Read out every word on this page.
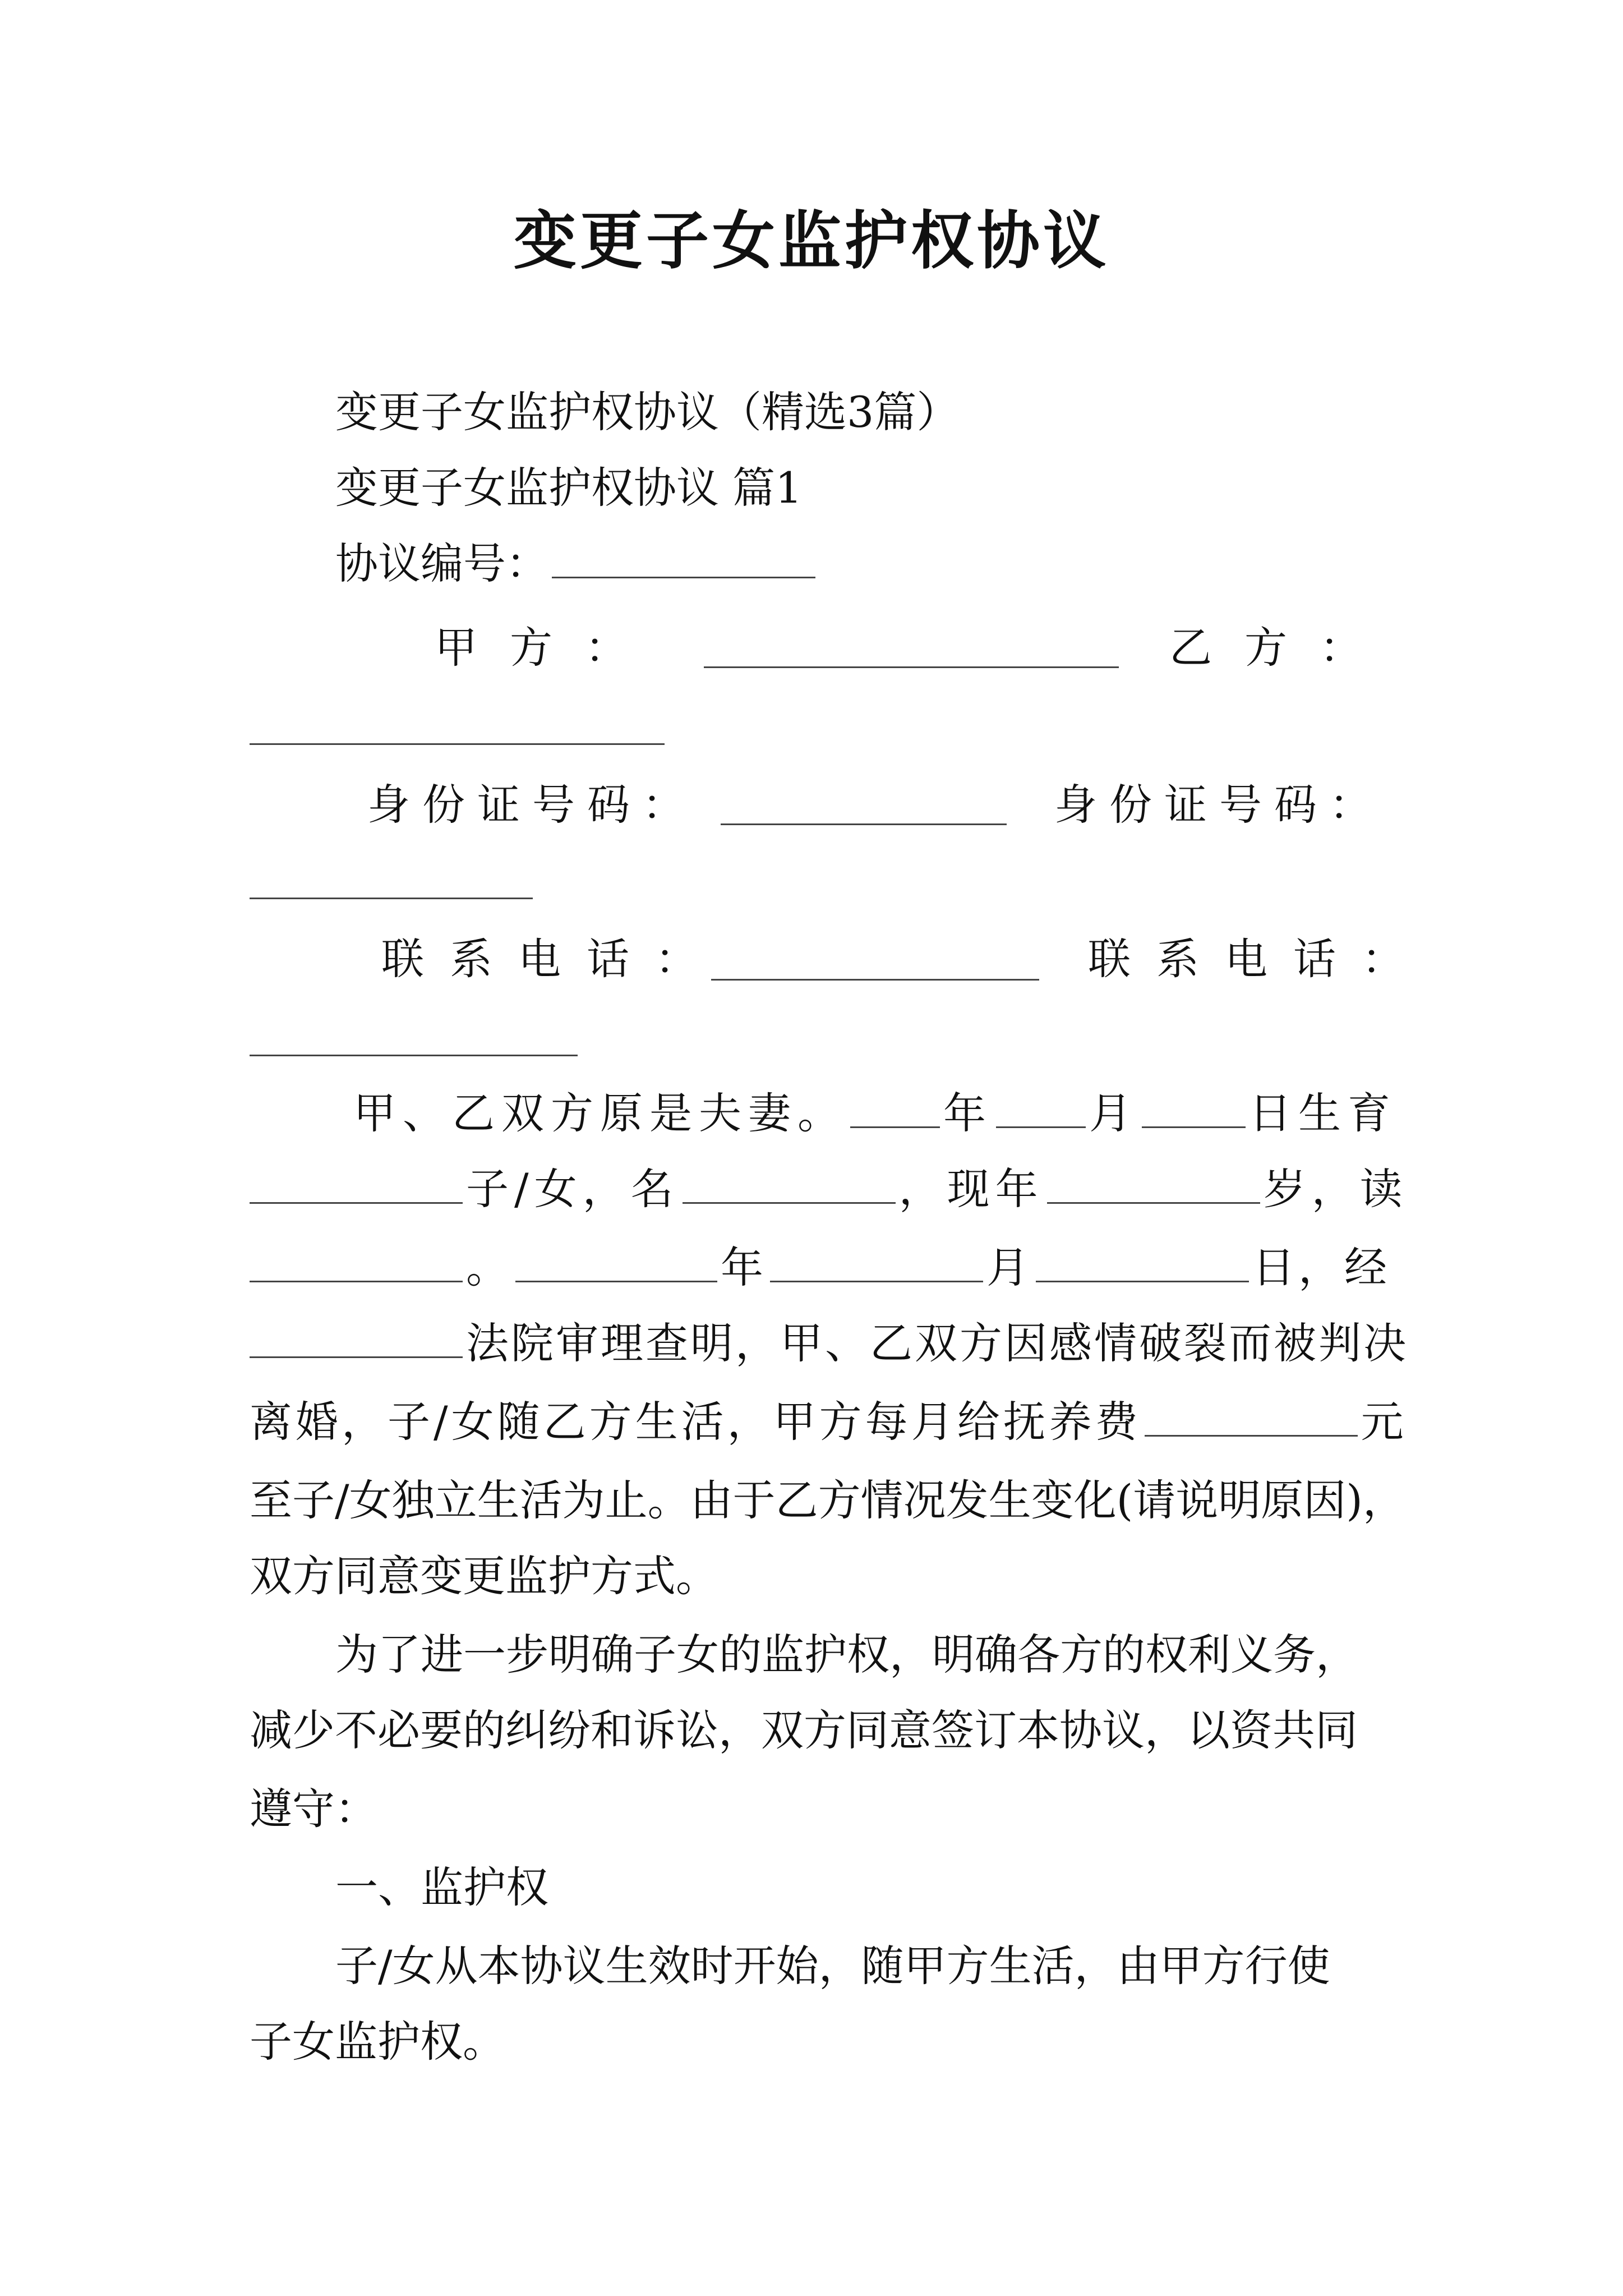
变更子女监护权协议
变更子女监护权协议（精选3篇）
变更子女监护权协议 篇1
协议编号：
甲方：	乙方：
身份证号码：	身份证号码：
联系电话：	联系电话：
甲、乙双方原是夫妻。 年 月	日生育
子/女，名	，现年	岁，读
。	年	月	日，经
法院审理查明，甲、乙双方因感情破裂而被判决
离婚，子/女随乙方生活，甲方每月给抚养费	元
至子/女独立生活为止。由于乙方情况发生变化(请说明原因)，
双方同意变更监护方式。
为了进一步明确子女的监护权，明确各方的权利义务，
减少不必要的纠纷和诉讼，双方同意签订本协议，以资共同
遵守：
一、监护权
子/女从本协议生效时开始，随甲方生活，由甲方行使
子女监护权。
